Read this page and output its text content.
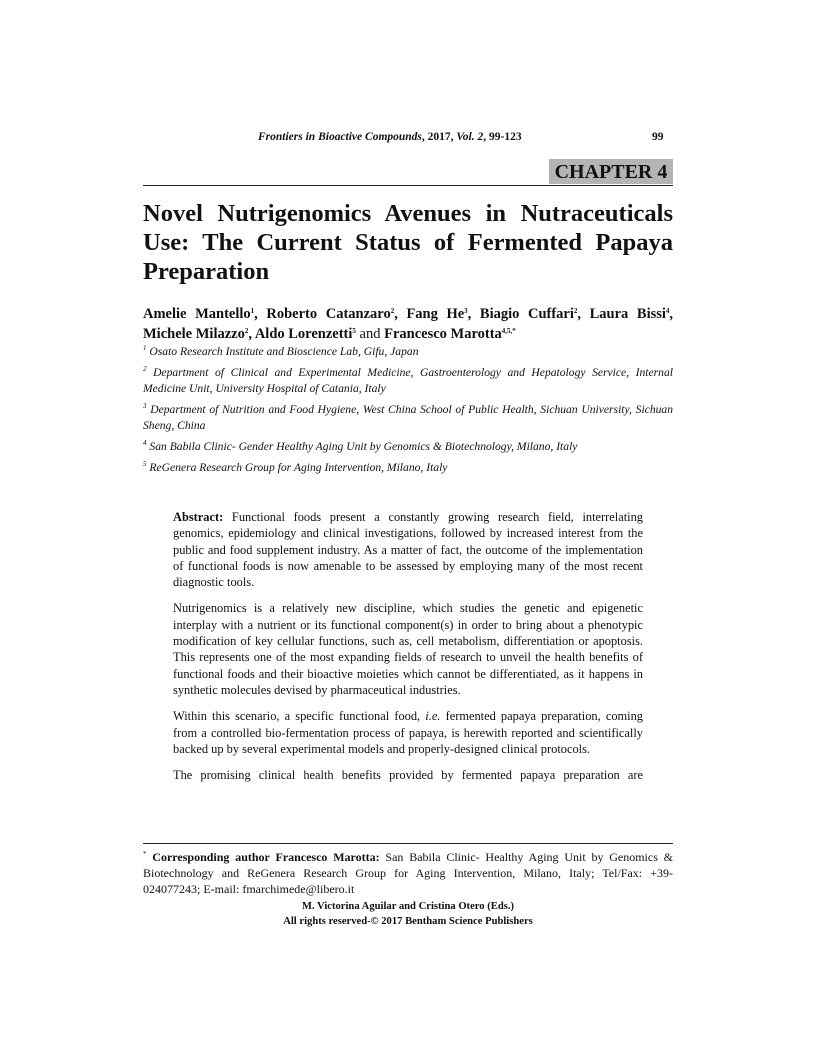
Frontiers in Bioactive Compounds, 2017, Vol. 2, 99-123	99
CHAPTER 4
Novel Nutrigenomics Avenues in Nutraceuticals Use: The Current Status of Fermented Papaya Preparation
Amelie Mantello$^1$, Roberto Catanzaro$^2$, Fang He$^3$, Biagio Cuffari$^2$, Laura Bissi$^4$, Michele Milazzo$^2$, Aldo Lorenzetti$^5$ and Francesco Marotta$^{4,5,*}$

$^1$ Osato Research Institute and Bioscience Lab, Gifu, Japan

$^2$ Department of Clinical and Experimental Medicine, Gastroenterology and Hepatology Service, Internal Medicine Unit, University Hospital of Catania, Italy

$^3$ Department of Nutrition and Food Hygiene, West China School of Public Health, Sichuan University, Sichuan Sheng, China

$^4$ San Babila Clinic- Gender Healthy Aging Unit by Genomics & Biotechnology, Milano, Italy

$^5$ ReGenera Research Group for Aging Intervention, Milano, Italy

Abstract: Functional foods present a constantly growing research field, interrelating genomics, epidemiology and clinical investigations, followed by increased interest from the public and food supplement industry. As a matter of fact, the outcome of the implementation of functional foods is now amenable to be assessed by employing many of the most recent diagnostic tools.

Nutrigenomics is a relatively new discipline, which studies the genetic and epigenetic interplay with a nutrient or its functional component(s) in order to bring about a phenotypic modification of key cellular functions, such as, cell metabolism, differentiation or apoptosis. This represents one of the most expanding fields of research to unveil the health benefits of functional foods and their bioactive moieties which cannot be differentiated, as it happens in synthetic molecules devised by pharmaceutical industries.

Within this scenario, a specific functional food, i.e. fermented papaya preparation, coming from a controlled bio-fermentation process of papaya, is herewith reported and scientifically backed up by several experimental models and properly-designed clinical protocols.

The promising clinical health benefits provided by fermented papaya preparation are

* Corresponding author Francesco Marotta: San Babila Clinic- Healthy Aging Unit by Genomics & Biotechnology and ReGenera Research Group for Aging Intervention, Milano, Italy; Tel/Fax: +39-024077243; E-mail: fmarchimede@libero.it
M. Victorina Aguilar and Cristina Otero (Eds.)
All rights reserved-© 2017 Bentham Science Publishers
